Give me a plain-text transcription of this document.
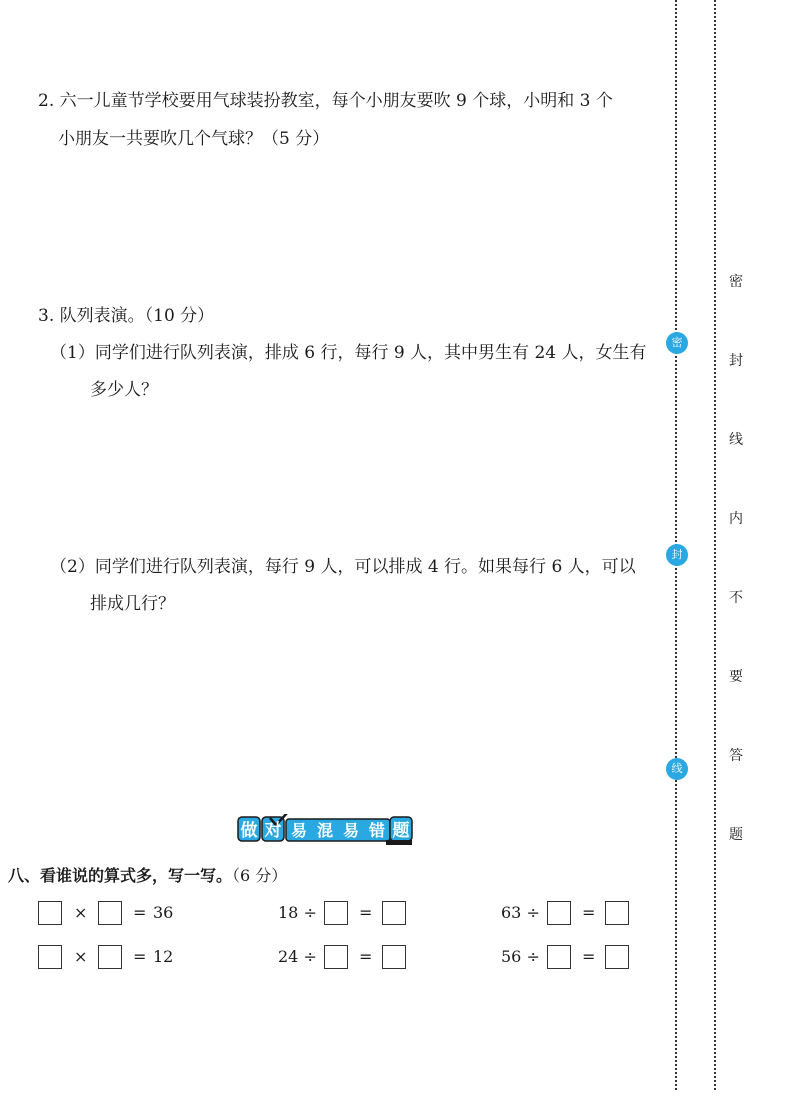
2. 六一儿童节学校要用气球装扮教室，每个小朋友要吹 9 个球，小明和 3 个
小朋友一共要吹几个气球？（5 分）
3. 队列表演。（10 分）
（1）同学们进行队列表演，排成 6 行，每行 9 人，其中男生有 24 人，女生有
多少人？
（2）同学们进行队列表演，每行 9 人，可以排成 4 行。如果每行 6 人，可以
排成几行？
做 对 易 混 易 错 题
八、看谁说的算式多，写一写。（6 分）
×	= 36	18 ÷	=	63 ÷	=
×	= 12	24 ÷	=	56 ÷	=
密
封
线
密
封
线
内
不
要
答
题
